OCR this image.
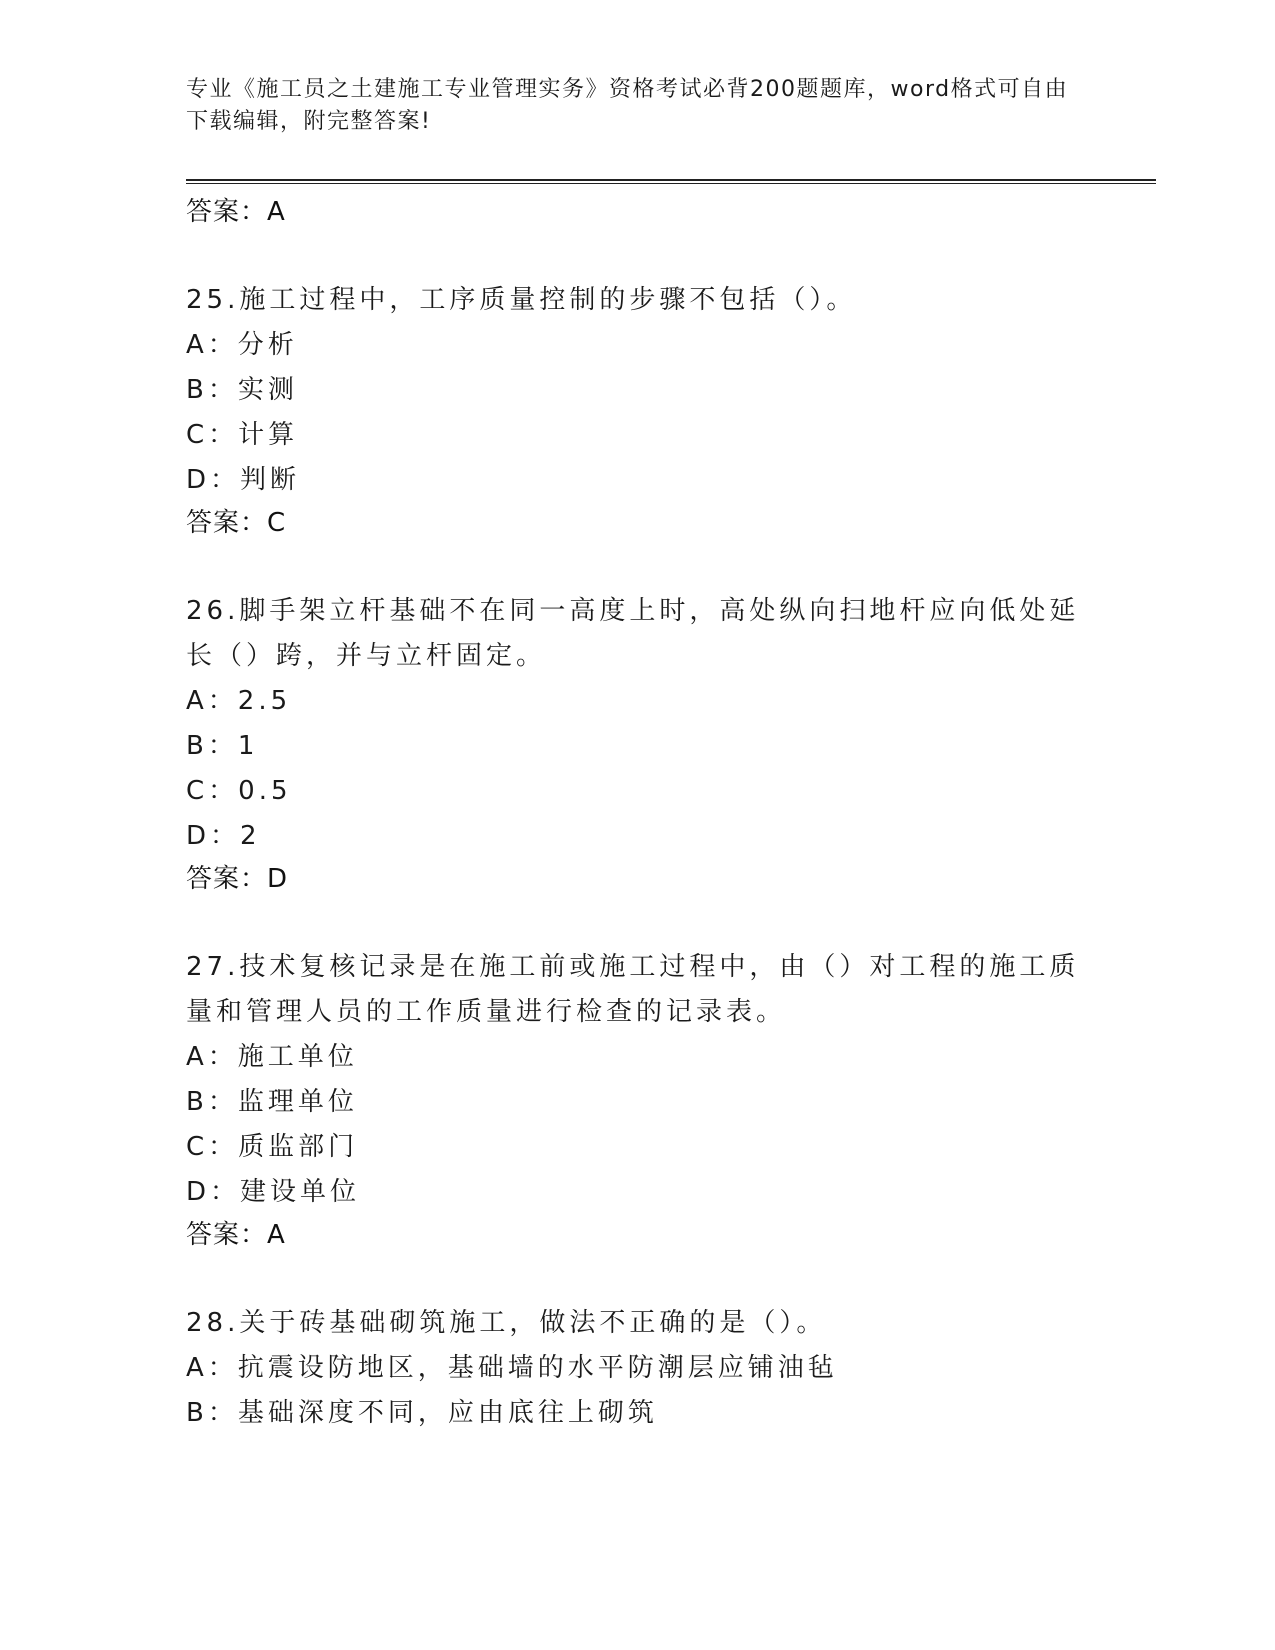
专业《施工员之土建施工专业管理实务》资格考试必背200题题库，word格式可自由下载编辑，附完整答案!
答案：A
25.施工过程中，工序质量控制的步骤不包括（）。
A：分析
B：实测
C：计算
D：判断
答案：C
26.脚手架立杆基础不在同一高度上时，高处纵向扫地杆应向低处延长（）跨，并与立杆固定。
A：2.5
B：1
C：0.5
D：2
答案：D
27.技术复核记录是在施工前或施工过程中，由（）对工程的施工质量和管理人员的工作质量进行检查的记录表。
A：施工单位
B：监理单位
C：质监部门
D：建设单位
答案：A
28.关于砖基础砌筑施工，做法不正确的是（）。
A：抗震设防地区，基础墙的水平防潮层应铺油毡
B：基础深度不同，应由底往上砌筑
